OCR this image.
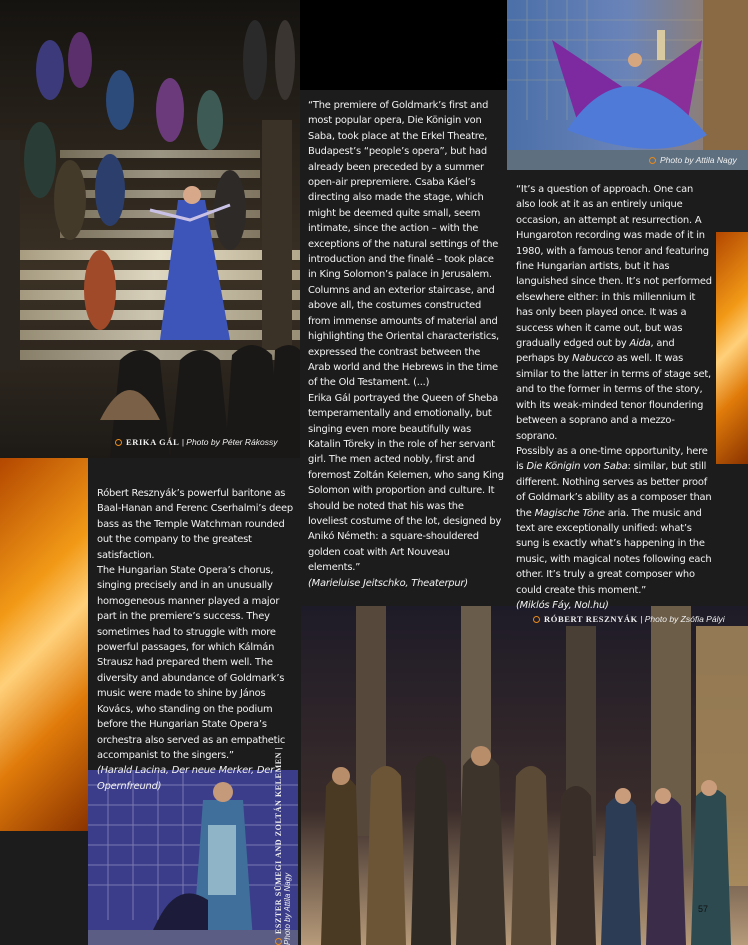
ERIKA GÁL | Photo by Péter Rákossy
Photo by Attila Nagy
RÓBERT RESZNYÁK | Photo by Zsófia Pályi
ESZTER SÜMEGI AND ZOLTÁN KELEMEN | Photo by Attila Nagy

“The premiere of Goldmark’s first and most popular opera, Die Königin von Saba, took place at the Erkel Theatre, Budapest’s “people’s opera”, but had already been preceded by a summer open-air prepremiere. Csaba Káel’s directing also made the stage, which might be deemed quite small, seem intimate, since the action – with the exceptions of the natural settings of the introduction and the finalé – took place in King Solomon’s palace in Jerusalem. Columns and an exterior staircase, and above all, the costumes constructed from immense amounts of material and highlighting the Oriental characteristics, expressed the contrast between the Arab world and the Hebrews in the time of the Old Testament. (...)

Erika Gál portrayed the Queen of Sheba temperamentally and emotionally, but singing even more beautifully was Katalin Töreky in the role of her servant girl. The men acted nobly, first and foremost Zoltán Kelemen, who sang King Solomon with proportion and culture. It should be noted that his was the loveliest costume of the lot, designed by Anikó Németh: a square-shouldered golden coat with Art Nouveau elements.”

(Marieluise Jeitschko, Theaterpur)

“It’s a question of approach. One can also look at it as an entirely unique occasion, an attempt at resurrection. A Hungaroton recording was made of it in 1980, with a famous tenor and featuring fine Hungarian artists, but it has languished since then. It’s not performed elsewhere either: in this millennium it has only been played once. It was a success when it came out, but was gradually edged out by Aida, and perhaps by Nabucco as well. It was similar to the latter in terms of stage set, and to the former in terms of the story, with its weak-minded tenor floundering between a soprano and a mezzo-soprano.

Possibly as a one-time opportunity, here is Die Königin von Saba: similar, but still different. Nothing serves as better proof of Goldmark’s ability as a composer than the Magische Töne aria. The music and text are exceptionally unified: what’s sung is exactly what’s happening in the music, with magical notes following each other. It’s truly a great composer who could create this moment.”

(Miklós Fáy, Nol.hu)

Róbert Resznyák’s powerful baritone as Baal-Hanan and Ferenc Cserhalmi’s deep bass as the Temple Watchman rounded out the company to the greatest satisfaction.

The Hungarian State Opera’s chorus, singing precisely and in an unusually homogeneous manner played a major part in the premiere’s success. They sometimes had to struggle with more powerful passages, for which Kálmán Strausz had prepared them well. The diversity and abundance of Goldmark’s music were made to shine by János Kovács, who standing on the podium before the Hungarian State Opera’s orchestra also served as an empathetic accompanist to the singers.”

(Harald Lacina, Der neue Merker, Der Opernfreund)

57
